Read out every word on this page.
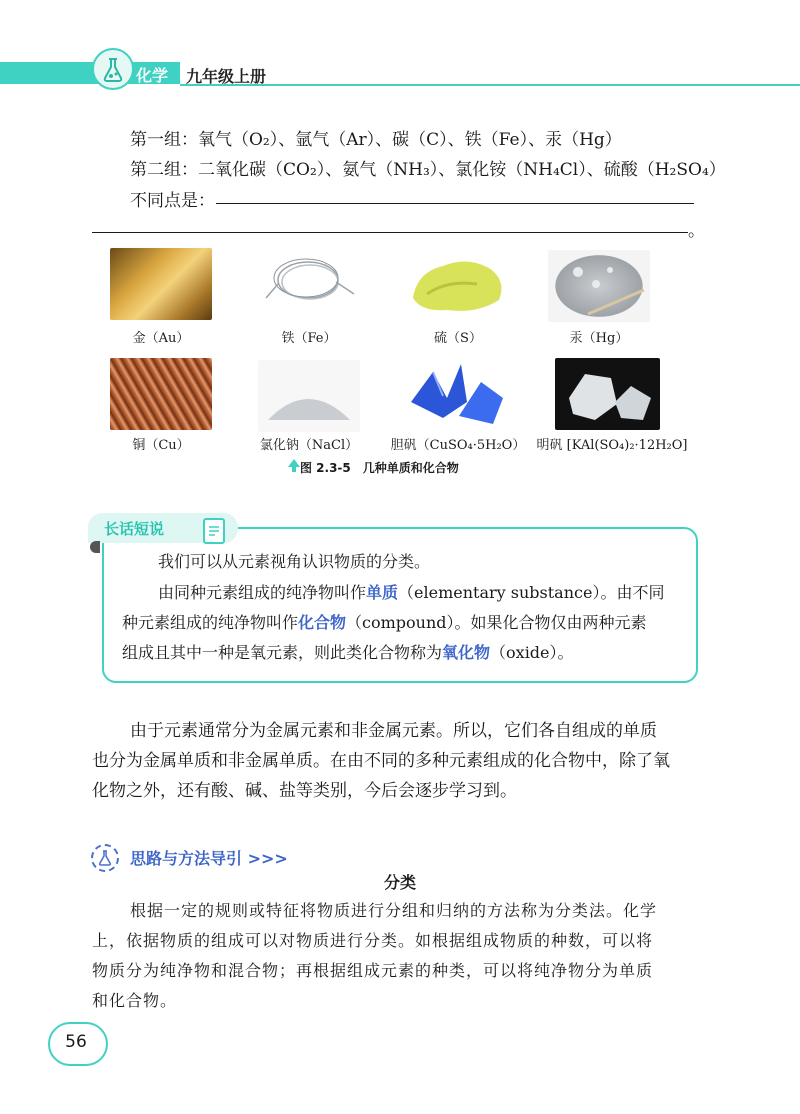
化学 九年级上册
第一组：氧气（O₂）、氩气（Ar）、碳（C）、铁（Fe）、汞（Hg）
第二组：二氧化碳（CO₂）、氨气（NH₃）、氯化铵（NH₄Cl）、硫酸（H₂SO₄）
不同点是：
。
金（Au）	铁（Fe）	硫（S）	汞（Hg）
铜（Cu）	氯化钠（NaCl）	胆矾（CuSO₄·5H₂O） 明矾 [KAl(SO₄)₂·12H₂O]
图 2.3-5　几种单质和化合物
长话短说
我们可以从元素视角认识物质的分类。
由同种元素组成的纯净物叫作单质（elementary substance）。由不同
种元素组成的纯净物叫作化合物（compound）。如果化合物仅由两种元素
组成且其中一种是氧元素，则此类化合物称为氧化物（oxide）。
由于元素通常分为金属元素和非金属元素。所以，它们各自组成的单质
也分为金属单质和非金属单质。在由不同的多种元素组成的化合物中，除了氧
化物之外，还有酸、碱、盐等类别，今后会逐步学习到。
思路与方法导引 >>>
分类
根据一定的规则或特征将物质进行分组和归纳的方法称为分类法。化学
上，依据物质的组成可以对物质进行分类。如根据组成物质的种数，可以将
物质分为纯净物和混合物；再根据组成元素的种类，可以将纯净物分为单质
和化合物。
56
